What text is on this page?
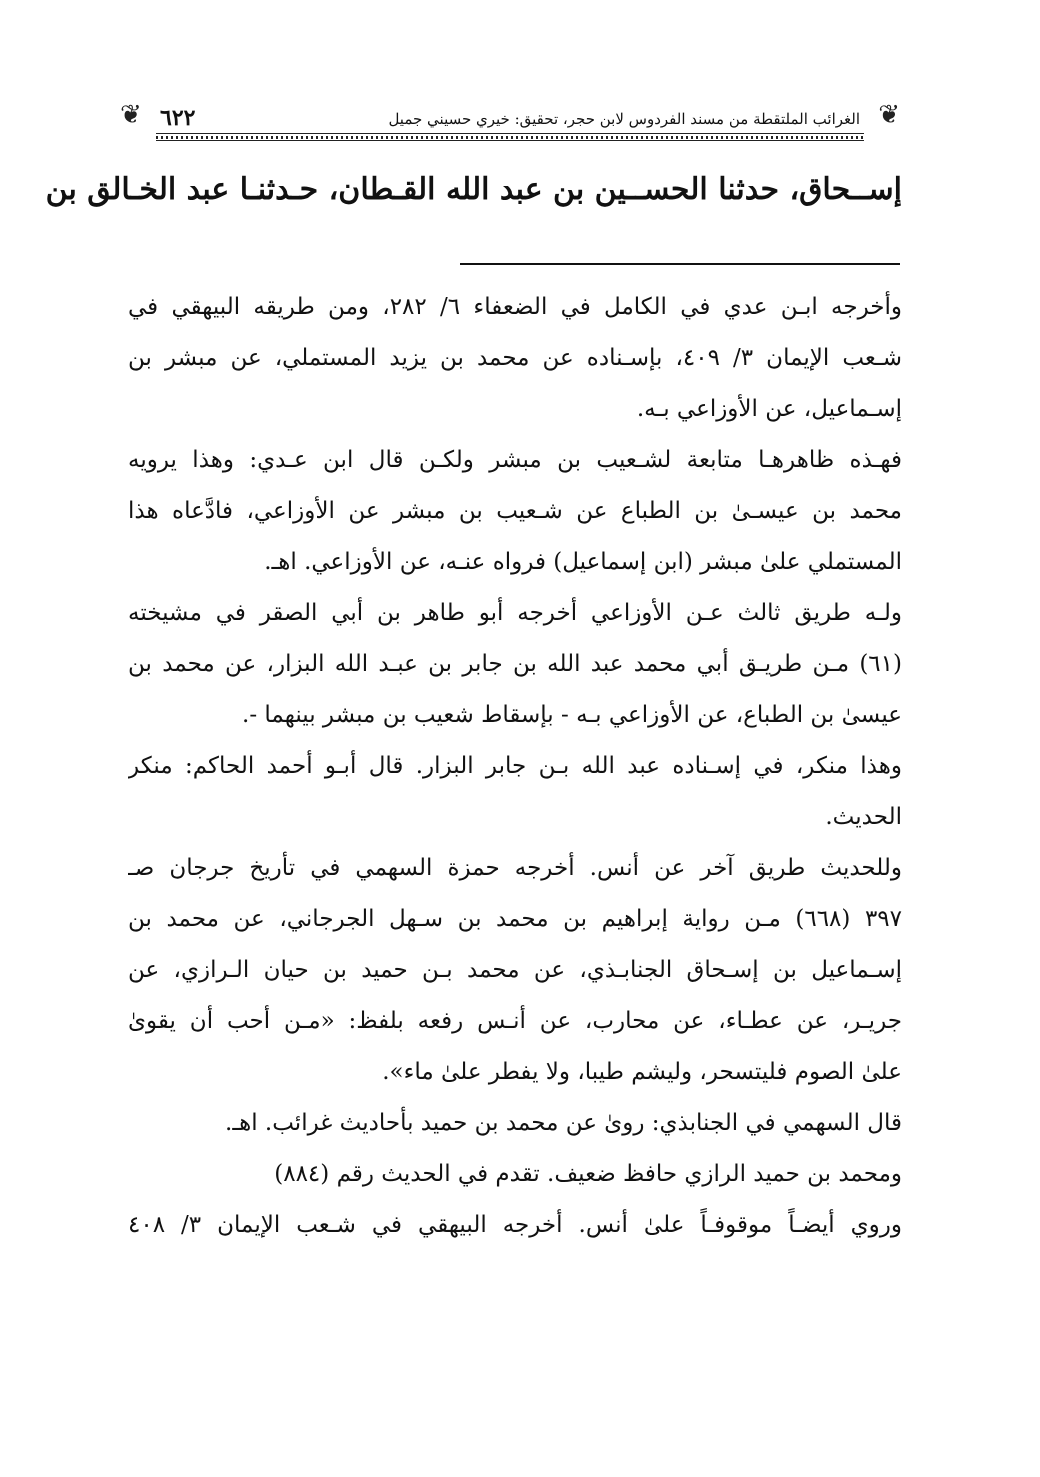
❦
الغرائب الملتقطة من مسند الفردوس لابن حجر، تحقيق: خيري حسيني جميل
٦٢٢
❦
إســحاق، حدثنا الحســين بن عبد الله القـطان، حـدثنـا عبد الخـالق بن
وأخرجه ابـن عدي في الكامل في الضعفاء ٦/ ٢٨٢، ومن طريقه البيهقي في
شـعب الإيمان ٣/ ٤٠٩، بإسـناده عن محمد بن يزيد المستملي، عن مبشر بن
إسـماعيل، عن الأوزاعي بـه.
فهـذه ظاهرهـا متابعة لشـعيب بن مبشر ولكـن قال ابن عـدي: وهذا يرويه
محمد بن عيسـىٰ بن الطباع عن شـعيب بن مبشر عن الأوزاعي، فادَّعاه هذا
المستملي علىٰ مبشر (ابن إسماعيل) فرواه عنـه، عن الأوزاعي. اهـ.
ولـه طريق ثالث عـن الأوزاعي أخرجه أبو طاهر بن أبي الصقر في مشيخته
(٦١) مـن طريـق أبي محمد عبد الله بن جابر بن عبـد الله البزار، عن محمد بن
عيسىٰ بن الطباع، عن الأوزاعي بـه - بإسقاط شعيب بن مبشر بينهما -.
وهذا منكر، في إسـناده عبد الله بـن جابر البزار. قال أبـو أحمد الحاكم: منكر
الحديث.
وللحديث طريق آخر عن أنس. أخرجه حمزة السهمي في تأريخ جرجان صـ
٣٩٧ (٦٦٨) مـن رواية إبراهيم بن محمد بن سـهل الجرجاني، عن محمد بن
إسـماعيل بن إسـحاق الجنابـذي، عن محمد بـن حميد بن حيان الـرازي، عن
جريـر، عن عطـاء، عن محارب، عن أنـس رفعه بلفظ: «مـن أحب أن يقوىٰ
علىٰ الصوم فليتسحر، وليشم طيبا، ولا يفطر علىٰ ماء».
قال السهمي في الجنابذي: روىٰ عن محمد بن حميد بأحاديث غرائب. اهـ.
ومحمد بن حميد الرازي حافظ ضعيف. تقدم في الحديث رقم (٨٨٤)
وروي أيضـاً موقوفـاً علىٰ أنس. أخرجه البيهقي في شـعب الإيمان ٣/ ٤٠٨
